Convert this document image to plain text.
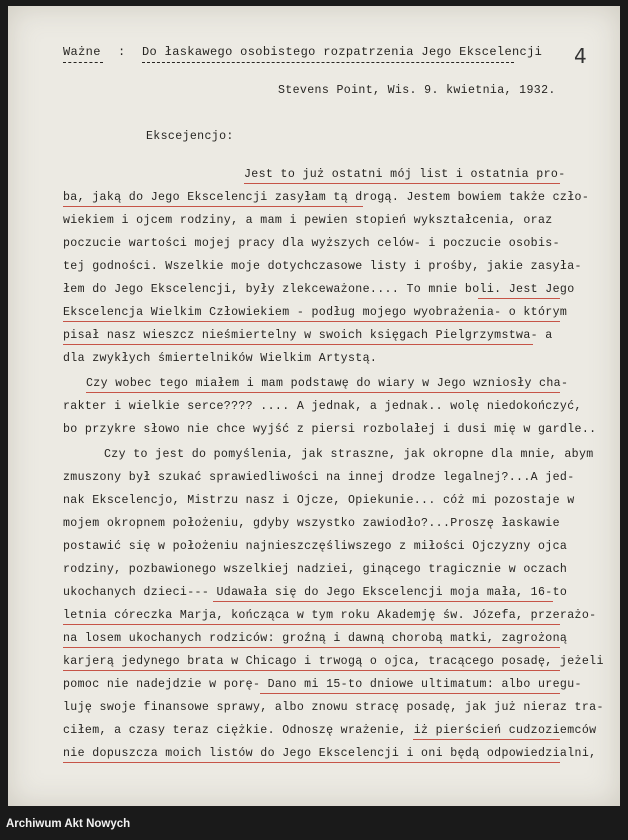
Ważne : Do łaskawego osobistego rozpatrzenia Jego Ekscelencji 4
Stevens Point, Wis. 9. kwietnia, 1932.
Ekscejencjo:
Jest to już ostatni mój list i ostatnia pro-
ba, jaką do Jego Ekscelencji zasyłam tą drogą. Jestem bowiem także czło-
wiekiem i ojcem rodziny, a mam i pewien stopień wykształcenia, oraz
poczucie wartości mojej pracy dla wyższych celów- i poczucie osobis-
tej godności. Wszelkie moje dotychczasowe listy i prośby, jakie zasyła-
łem do Jego Ekscelencji, były zlekceważone.... To mnie boli. Jest Jego
Ekscelencja Wielkim Człowiekiem - podług mojego wyobrażenia- o którym
pisał nasz wieszcz nieśmiertelny w swoich księgach Pielgrzymstwa- a
dla zwykłych śmiertelników Wielkim Artystą.
Czy wobec tego miałem i mam podstawę do wiary w Jego wzniosły cha-
rakter i wielkie serce???? .... A jednak, a jednak.. wolę niedokończyć,
bo przykre słowo nie chce wyjść z piersi rozbolałej i dusi mię w gardle..
Czy to jest do pomyślenia, jak straszne, jak okropne dla mnie, abym
zmuszony był szukać sprawiedliwości na innej drodze legalnej?...A jed-
nak Ekscelencjo, Mistrzu nasz i Ojcze, Opiekunie... cóż mi pozostaje w
mojem okropnem położeniu, gdyby wszystko zawiodło?...Proszę łaskawie
postawić się w położeniu najnieszczęśliwszego z miłości Ojczyzny ojca
rodziny, pozbawionego wszelkiej nadziei, ginącego tragicznie w oczach
ukochanych dzieci--- Udawała się do Jego Ekscelencji moja mała, 16-to
letnia córeczka Marja, kończąca w tym roku Akademję św. Józefa, przerażo-
na losem ukochanych rodziców: groźną i dawną chorobą matki, zagrożoną
karjerą jedynego brata w Chicago i trwogą o ojca, tracącego posadę, jeżeli
pomoc nie nadejdzie w porę- Dano mi 15-to dniowe ultimatum: albo uregu-
luję swoje finansowe sprawy, albo znowu stracę posadę, jak już nieraz tra-
ciłem, a czasy teraz ciężkie. Odnoszę wrażenie, iż pierścień cudzoziemców
nie dopuszcza moich listów do Jego Ekscelencji i oni będą odpowiedzialni,
Archiwum Akt Nowych
